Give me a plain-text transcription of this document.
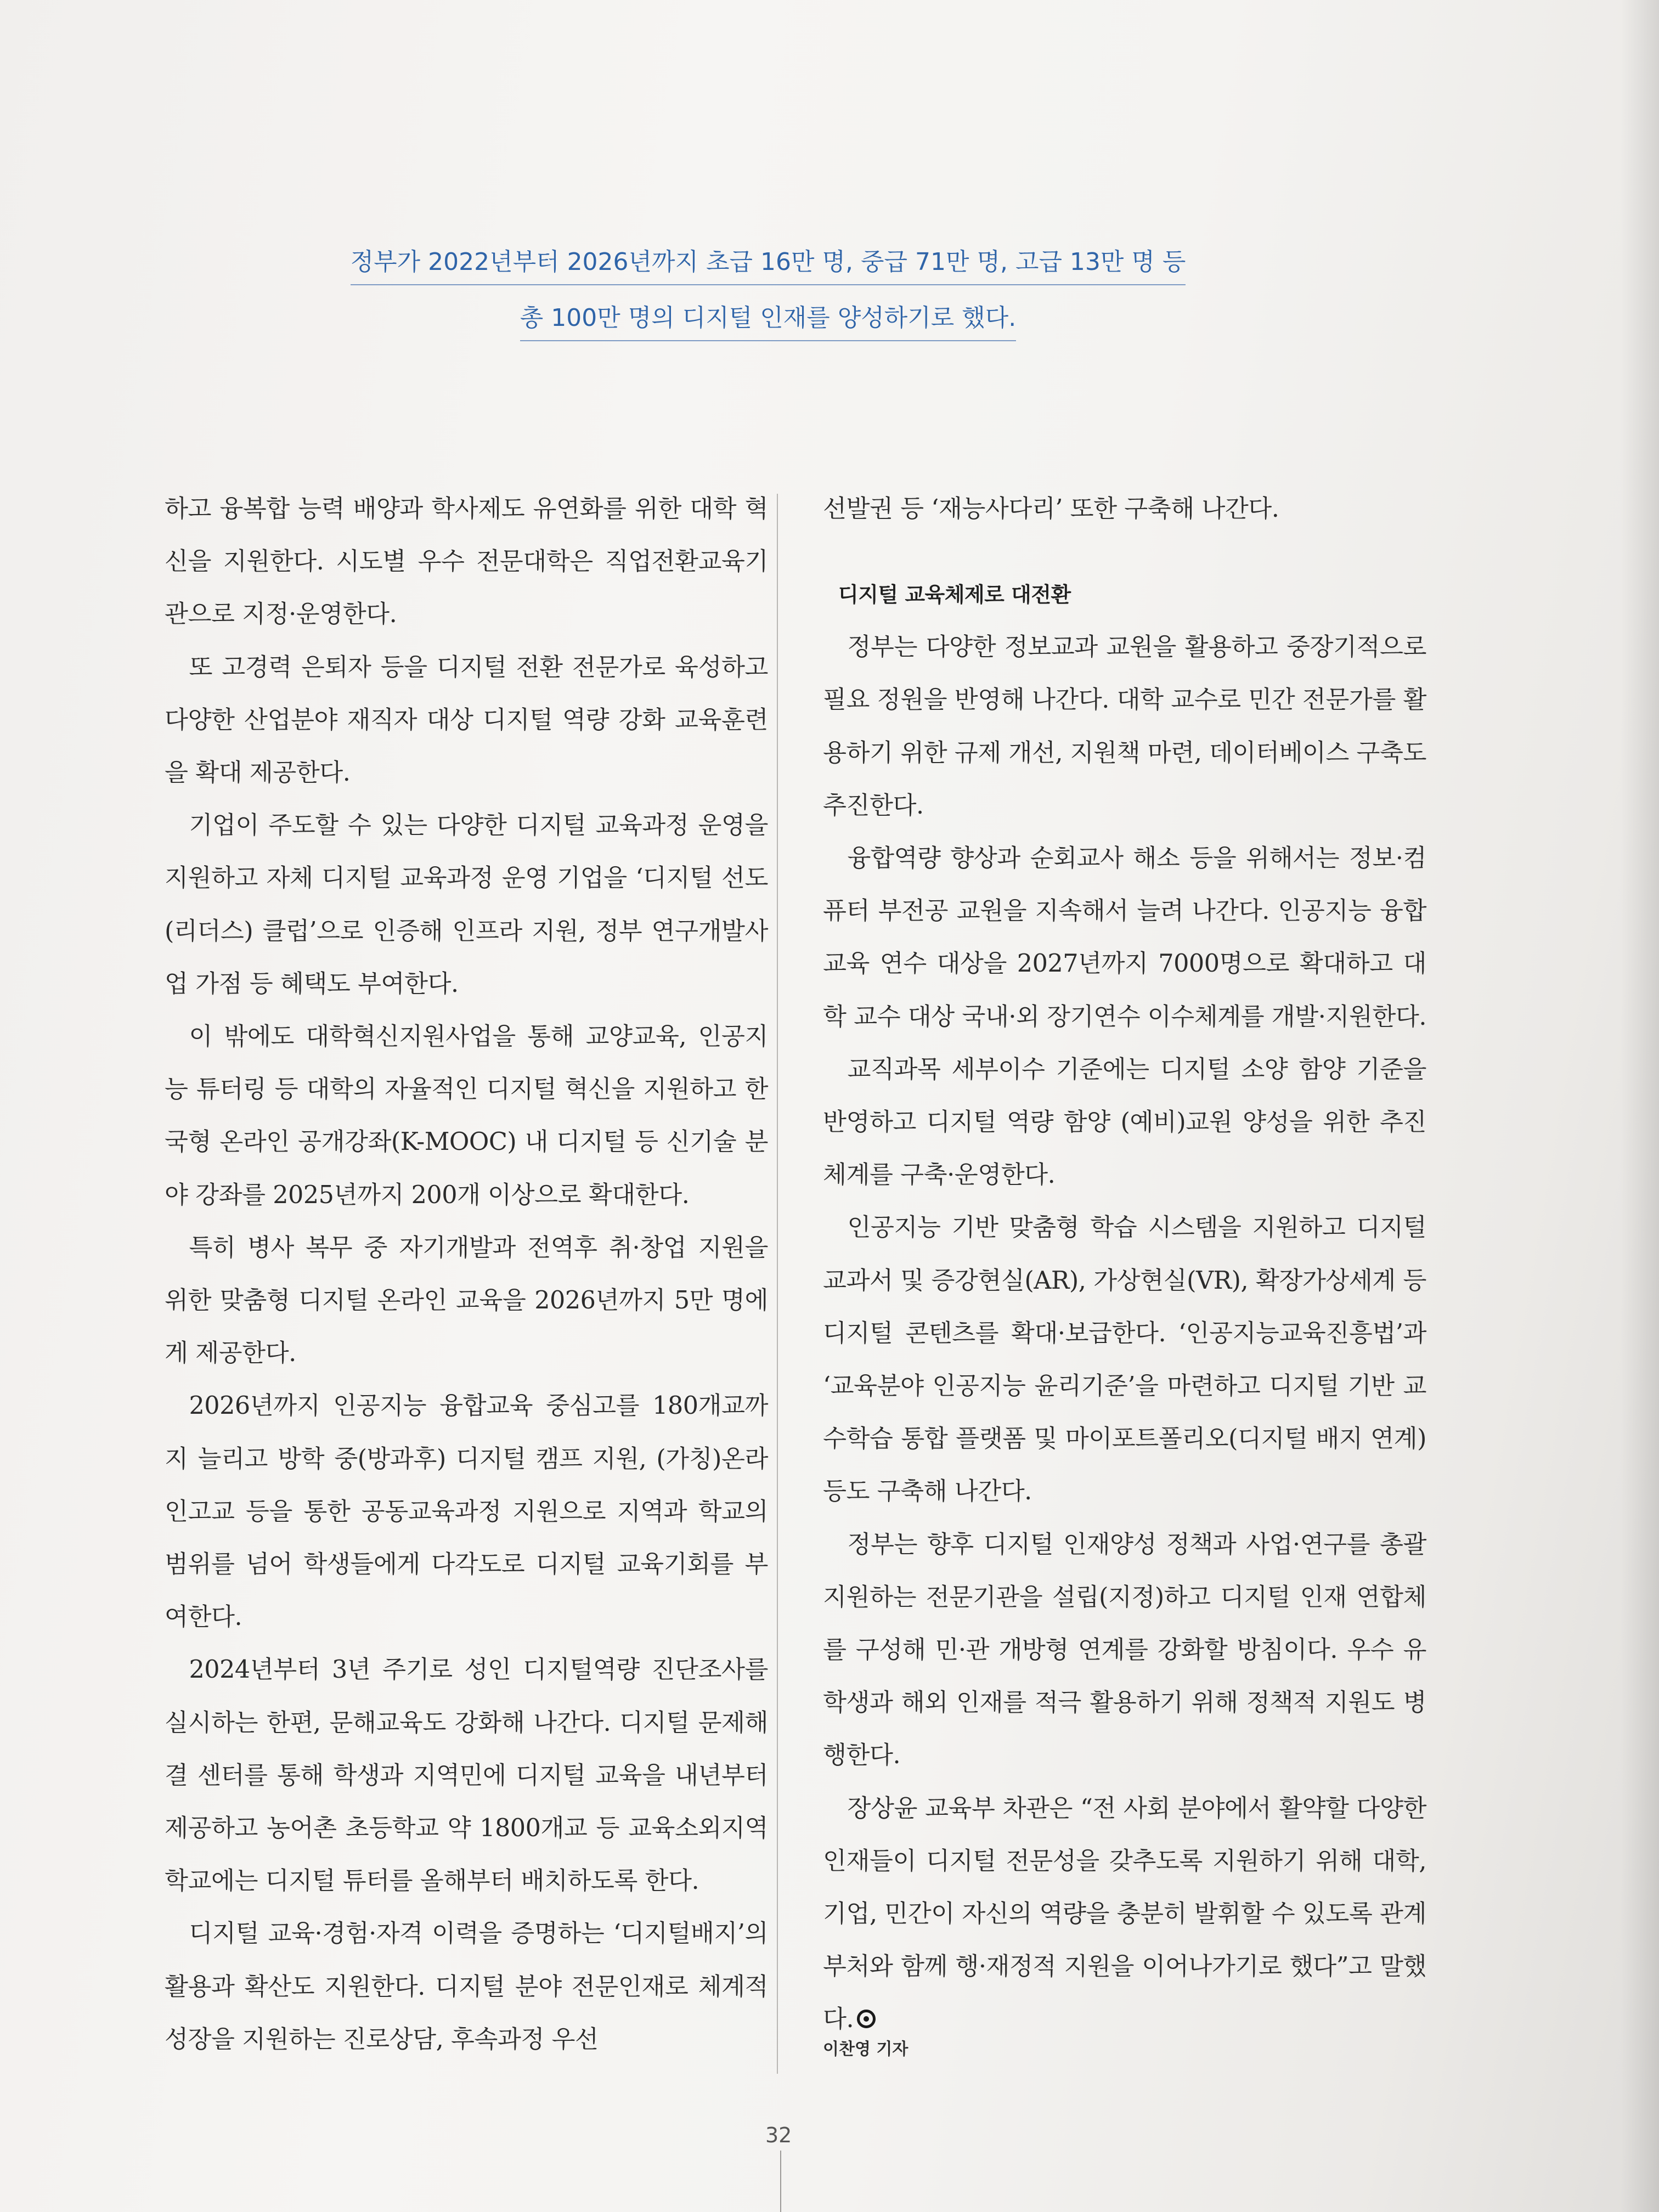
정부가 2022년부터 2026년까지 초급 16만 명, 중급 71만 명, 고급 13만 명 등
총 100만 명의 디지털 인재를 양성하기로 했다.

하고 융복합 능력 배양과 학사제도 유연화를 위한 대학 혁신을 지원한다. 시도별 우수 전문대학은 직업전환교육기관으로 지정·운영한다.

또 고경력 은퇴자 등을 디지털 전환 전문가로 육성하고 다양한 산업분야 재직자 대상 디지털 역량 강화 교육훈련을 확대 제공한다.

기업이 주도할 수 있는 다양한 디지털 교육과정 운영을 지원하고 자체 디지털 교육과정 운영 기업을 ‘디지털 선도(리더스) 클럽’으로 인증해 인프라 지원, 정부 연구개발사업 가점 등 혜택도 부여한다.

이 밖에도 대학혁신지원사업을 통해 교양교육, 인공지능 튜터링 등 대학의 자율적인 디지털 혁신을 지원하고 한국형 온라인 공개강좌(K-MOOC) 내 디지털 등 신기술 분야 강좌를 2025년까지 200개 이상으로 확대한다.

특히 병사 복무 중 자기개발과 전역후 취·창업 지원을 위한 맞춤형 디지털 온라인 교육을 2026년까지 5만 명에게 제공한다.

2026년까지 인공지능 융합교육 중심고를 180개교까지 늘리고 방학 중(방과후) 디지털 캠프 지원, (가칭)온라인고교 등을 통한 공동교육과정 지원으로 지역과 학교의 범위를 넘어 학생들에게 다각도로 디지털 교육기회를 부여한다.

2024년부터 3년 주기로 성인 디지털역량 진단조사를 실시하는 한편, 문해교육도 강화해 나간다. 디지털 문제해결 센터를 통해 학생과 지역민에 디지털 교육을 내년부터 제공하고 농어촌 초등학교 약 1800개교 등 교육소외지역 학교에는 디지털 튜터를 올해부터 배치하도록 한다.

디지털 교육·경험·자격 이력을 증명하는 ‘디지털배지’의 활용과 확산도 지원한다. 디지털 분야 전문인재로 체계적 성장을 지원하는 진로상담, 후속과정 우선

선발권 등 ‘재능사다리’ 또한 구축해 나간다.

디지털 교육체제로 대전환

정부는 다양한 정보교과 교원을 활용하고 중장기적으로 필요 정원을 반영해 나간다. 대학 교수로 민간 전문가를 활용하기 위한 규제 개선, 지원책 마련, 데이터베이스 구축도 추진한다.

융합역량 향상과 순회교사 해소 등을 위해서는 정보·컴퓨터 부전공 교원을 지속해서 늘려 나간다. 인공지능 융합교육 연수 대상을 2027년까지 7000명으로 확대하고 대학 교수 대상 국내·외 장기연수 이수체계를 개발·지원한다.

교직과목 세부이수 기준에는 디지털 소양 함양 기준을 반영하고 디지털 역량 함양 (예비)교원 양성을 위한 추진체계를 구축·운영한다.

인공지능 기반 맞춤형 학습 시스템을 지원하고 디지털 교과서 및 증강현실(AR), 가상현실(VR), 확장가상세계 등 디지털 콘텐츠를 확대·보급한다. ‘인공지능교육진흥법’과 ‘교육분야 인공지능 윤리기준’을 마련하고 디지털 기반 교수학습 통합 플랫폼 및 마이포트폴리오(디지털 배지 연계) 등도 구축해 나간다.

정부는 향후 디지털 인재양성 정책과 사업·연구를 총괄 지원하는 전문기관을 설립(지정)하고 디지털 인재 연합체를 구성해 민·관 개방형 연계를 강화할 방침이다. 우수 유학생과 해외 인재를 적극 활용하기 위해 정책적 지원도 병행한다.

장상윤 교육부 차관은 “전 사회 분야에서 활약할 다양한 인재들이 디지털 전문성을 갖추도록 지원하기 위해 대학, 기업, 민간이 자신의 역량을 충분히 발휘할 수 있도록 관계부처와 함께 행·재정적 지원을 이어나가기로 했다”고 말했다.

이찬영 기자
32
